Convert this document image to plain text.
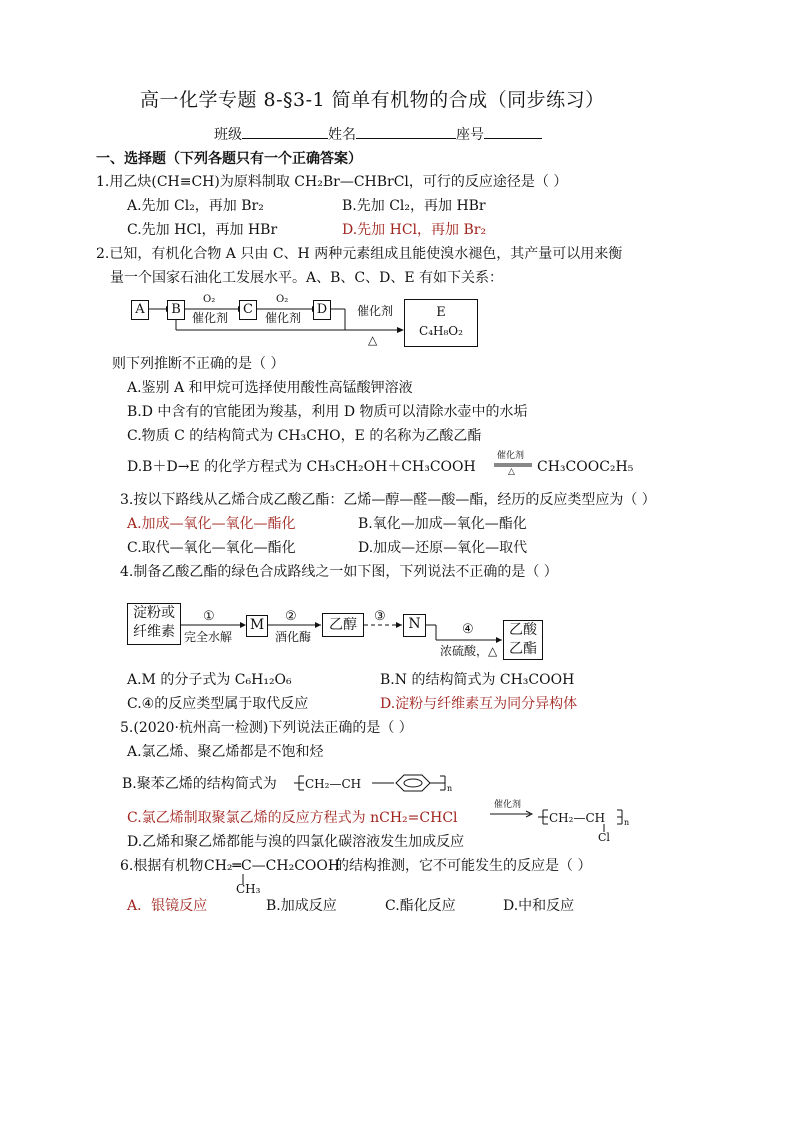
高一化学专题 8-§3-1 简单有机物的合成（同步练习）
班级	姓名	座号
一、选择题（下列各题只有一个正确答案）
1.用乙炔(CH≡CH)为原料制取 CH₂Br—CHBrCl，可行的反应途径是（ ）
A.先加 Cl₂，再加 Br₂	B.先加 Cl₂，再加 HBr
C.先加 HCl，再加 HBr	D.先加 HCl，再加 Br₂
2.已知，有机化合物 A 只由 C、H 两种元素组成且能使溴水褪色，其产量可以用来衡
量一个国家石油化工发展水平。A、B、C、D、E 有如下关系：
A	B	C	D
O₂
催化剂
O₂
催化剂	催化剂
△
E
C₄H₈O₂
则下列推断不正确的是（ ）
A.鉴别 A 和甲烷可选择使用酸性高锰酸钾溶液
B.D 中含有的官能团为羧基，利用 D 物质可以清除水壶中的水垢
C.物质 C 的结构简式为 CH₃CHO，E 的名称为乙酸乙酯
D.B＋D→E 的化学方程式为 CH₃CH₂OH＋CH₃COOH
催化剂
△ CH₃COOC₂H₅
3.按以下路线从乙烯合成乙酸乙酯：乙烯—醇—醛—酸—酯，经历的反应类型应为（ ）
A.加成—氧化—氧化—酯化	B.氧化—加成—氧化—酯化
C.取代—氧化—氧化—酯化	D.加成—还原—氧化—取代
4.制备乙酸乙酯的绿色合成路线之一如下图，下列说法不正确的是（ ）
淀粉或
纤维素
①
完全水解
M
②
酒化酶
乙醇
③	N	④
浓硫酸，△
乙酸
乙酯
A.M 的分子式为 C₆H₁₂O₆	B.N 的结构简式为 CH₃COOH
C.④的反应类型属于取代反应	D.淀粉与纤维素互为同分异构体
5.(2020·杭州高一检测)下列说法正确的是（ ）
A.氯乙烯、聚乙烯都是不饱和烃
B.聚苯乙烯的结构简式为 CH₂—CH	n
C.氯乙烯制取聚氯乙烯的反应方程式为 nCH₂=CHCl
催化剂
CH₂—CH n
Cl
D.乙烯和聚乙烯都能与溴的四氯化碳溶液发生加成反应
6.根据有机物 CH₂═C—CH₂COOH
CH₃
的结构推测，它不可能发生的反应是（ ）
A．银镜反应	B.加成反应	C.酯化反应	D.中和反应
